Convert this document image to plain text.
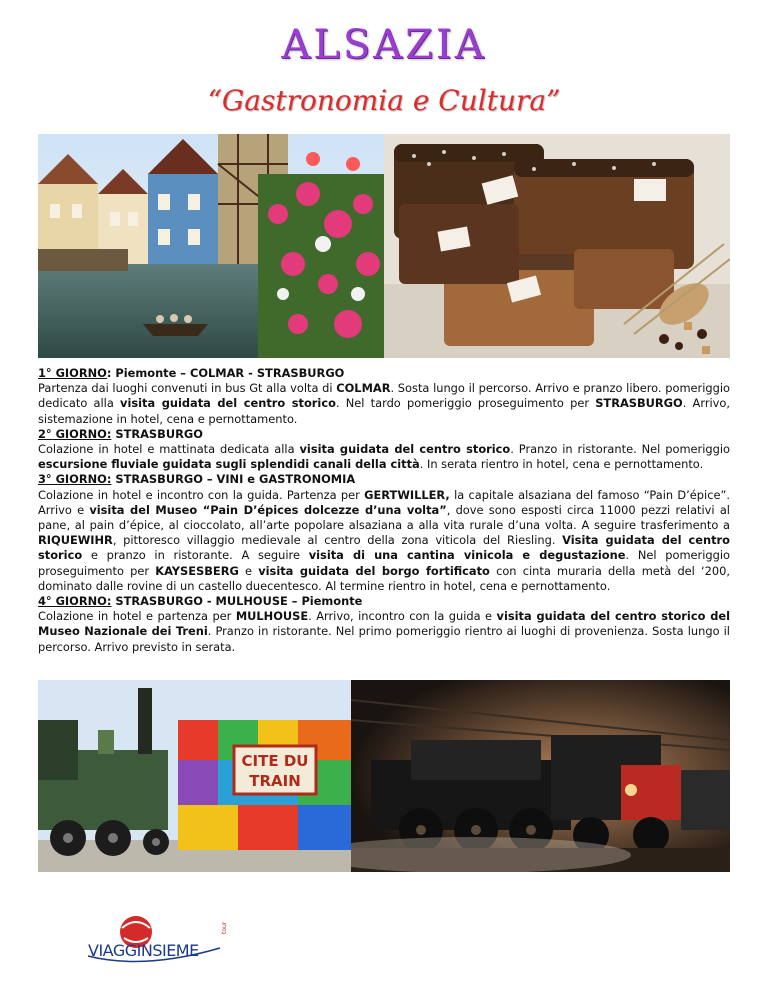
ALSAZIA
“Gastronomia e Cultura”

1° GIORNO: Piemonte – COLMAR - STRASBURGO

Partenza dai luoghi convenuti in bus Gt alla volta di COLMAR. Sosta lungo il percorso. Arrivo e pranzo libero. pomeriggio dedicato alla visita guidata del centro storico. Nel tardo pomeriggio proseguimento per STRASBURGO. Arrivo, sistemazione in hotel, cena e pernottamento.

2° GIORNO: STRASBURGO

Colazione in hotel e mattinata dedicata alla visita guidata del centro storico. Pranzo in ristorante. Nel pomeriggio escursione fluviale guidata sugli splendidi canali della città. In serata rientro in hotel, cena e pernottamento.

3° GIORNO: STRASBURGO – VINI e GASTRONOMIA

Colazione in hotel e incontro con la guida. Partenza per GERTWILLER, la capitale alsaziana del famoso “Pain D’épice”. Arrivo e visita del Museo “Pain D’épices dolcezze d’una volta”, dove sono esposti circa 11000 pezzi relativi al pane, al pain d’épice, al cioccolato, all’arte popolare alsaziana a alla vita rurale d’una volta. A seguire trasferimento a RIQUEWIHR, pittoresco villaggio medievale al centro della zona viticola del Riesling. Visita guidata del centro storico e pranzo in ristorante. A seguire visita di una cantina vinicola e degustazione. Nel pomeriggio proseguimento per KAYSESBERG e visita guidata del borgo fortificato con cinta muraria della metà del ‘200, dominato dalle rovine di un castello duecentesco. Al termine rientro in hotel, cena e pernottamento.

4° GIORNO: STRASBURGO - MULHOUSE – Piemonte

Colazione in hotel e partenza per MULHOUSE. Arrivo, incontro con la guida e visita guidata del centro storico del Museo Nazionale dei Treni. Pranzo in ristorante. Nel primo pomeriggio rientro ai luoghi di provenienza. Sosta lungo il percorso. Arrivo previsto in serata.

CITE DU
TRAIN
VIAGGINSIEME
tour
